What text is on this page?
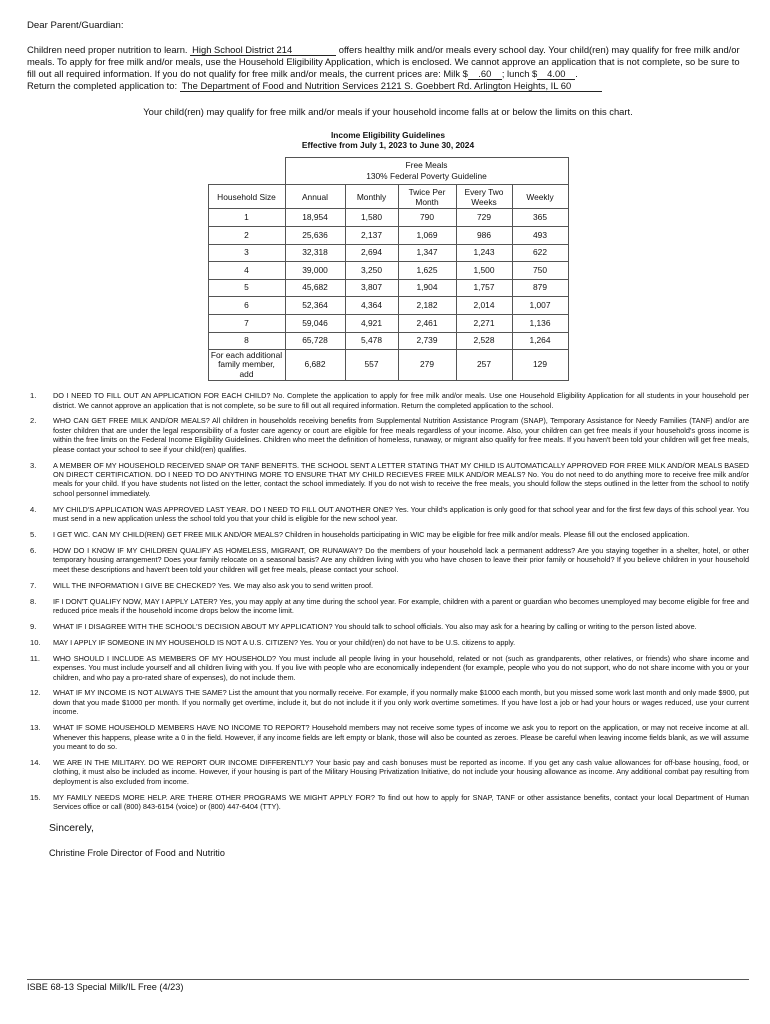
Dear Parent/Guardian:

Children need proper nutrition to learn. High School District 214	offers healthy milk and/or meals every school day. Your child(ren) may qualify for free milk and/or meals. To apply for free milk and/or meals, use the Household Eligibility Application, which is enclosed. We cannot approve an application that is not complete, so be sure to fill out all required information. If you do not qualify for free milk and/or meals, the current prices are: Milk $ .60 ; lunch $ 4.00 .
Return the completed application to: The Department of Food and Nutrition Services 2121 S. Goebbert Rd. Arlington Heights, IL 60

Your child(ren) may qualify for free milk and/or meals if your household income falls at or below the limits on this chart.
Income Eligibility Guidelines
Effective from July 1, 2023 to June 30, 2024

	Free Meals
130% Federal Poverty Guideline				

Household Size	Annual	Monthly	Twice Per Month	Every Two Weeks	Weekly
1	18,954	1,580	790	729	365
2	25,636	2,137	1,069	986	493
3	32,318	2,694	1,347	1,243	622
4	39,000	3,250	1,625	1,500	750
5	45,682	3,807	1,904	1,757	879
6	52,364	4,364	2,182	2,014	1,007
7	59,046	4,921	2,461	2,271	1,136
8	65,728	5,478	2,739	2,528	1,264
For each additional family member, add	6,682	557	279	257	129
1. DO I NEED TO FILL OUT AN APPLICATION FOR EACH CHILD? No. Complete the application to apply for free milk and/or meals. Use one Household Eligibility Application for all students in your household per district. We cannot approve an application that is not complete, so be sure to fill out all required information. Return the completed application to the school.
2. WHO CAN GET FREE MILK AND/OR MEALS? All children in households receiving benefits from Supplemental Nutrition Assistance Program (SNAP), Temporary Assistance for Needy Families (TANF) and/or are foster children that are under the legal responsibility of a foster care agency or court are eligible for free meals regardless of your income. Also, your children can get free meals if your household's gross income is within the free limits on the Federal Income Eligibility Guidelines. Children who meet the definition of homeless, runaway, or migrant also qualify for free meals. If you haven't been told your children will get free meals, please contact your school to see if your child(ren) qualifies.
3. A MEMBER OF MY HOUSEHOLD RECEIVED SNAP OR TANF BENEFITS. THE SCHOOL SENT A LETTER STATING THAT MY CHILD IS AUTOMATICALLY APPROVED FOR FREE MILK AND/OR MEALS BASED ON DIRECT CERTIFICATION. DO I NEED TO DO ANYTHING MORE TO ENSURE THAT MY CHILD RECIEVES FREE MILK AND/OR MEALS? No. You do not need to do anything more to receive free milk and/or meals for your child. If you have students not listed on the letter, contact the school immediately. If you do not wish to receive the free meals, you should follow the steps outlined in the letter from the school to notify school personnel immediately.
4. MY CHILD'S APPLICATION WAS APPROVED LAST YEAR. DO I NEED TO FILL OUT ANOTHER ONE? Yes. Your child's application is only good for that school year and for the first few days of this school year. You must send in a new application unless the school told you that your child is eligible for the new school year.
5. I GET WIC. CAN MY CHILD(REN) GET FREE MILK AND/OR MEALS? Children in households participating in WIC may be eligible for free milk and/or meals. Please fill out the enclosed application.
6. HOW DO I KNOW IF MY CHILDREN QUALIFY AS HOMELESS, MIGRANT, OR RUNAWAY? Do the members of your household lack a permanent address? Are you staying together in a shelter, hotel, or other temporary housing arrangement? Does your family relocate on a seasonal basis? Are any children living with you who have chosen to leave their prior family or household? If you believe children in your household meet these descriptions and haven't been told your children will get free meals, please contact your school.
7. WILL THE INFORMATION I GIVE BE CHECKED? Yes. We may also ask you to send written proof.
8. IF I DON'T QUALIFY NOW, MAY I APPLY LATER? Yes, you may apply at any time during the school year. For example, children with a parent or guardian who becomes unemployed may become eligible for free and reduced price meals if the household income drops below the income limit.
9. WHAT IF I DISAGREE WITH THE SCHOOL'S DECISION ABOUT MY APPLICATION? You should talk to school officials. You also may ask for a hearing by calling or writing to the person listed above.
10. MAY I APPLY IF SOMEONE IN MY HOUSEHOLD IS NOT A U.S. CITIZEN? Yes. You or your child(ren) do not have to be U.S. citizens to apply.
11. WHO SHOULD I INCLUDE AS MEMBERS OF MY HOUSEHOLD? You must include all people living in your household, related or not (such as grandparents, other relatives, or friends) who share income and expenses. You must include yourself and all children living with you. If you live with people who are economically independent (for example, people who you do not support, who do not share income with you or your children, and who pay a pro-rated share of expenses), do not include them.
12. WHAT IF MY INCOME IS NOT ALWAYS THE SAME? List the amount that you normally receive. For example, if you normally make $1000 each month, but you missed some work last month and only made $900, put down that you made $1000 per month. If you normally get overtime, include it, but do not include it if you only work overtime sometimes. If you have lost a job or had your hours or wages reduced, use your current income.
13. WHAT IF SOME HOUSEHOLD MEMBERS HAVE NO INCOME TO REPORT? Household members may not receive some types of income we ask you to report on the application, or may not receive income at all. Whenever this happens, please write a 0 in the field. However, if any income fields are left empty or blank, those will also be counted as zeroes. Please be careful when leaving income fields blank, as we will assume you meant to do so.
14. WE ARE IN THE MILITARY. DO WE REPORT OUR INCOME DIFFERENTLY? Your basic pay and cash bonuses must be reported as income. If you get any cash value allowances for off-base housing, food, or clothing, it must also be included as income. However, if your housing is part of the Military Housing Privatization Initiative, do not include your housing allowance as income. Any additional combat pay resulting from deployment is also excluded from income.
15. MY FAMILY NEEDS MORE HELP. ARE THERE OTHER PROGRAMS WE MIGHT APPLY FOR? To find out how to apply for SNAP, TANF or other assistance benefits, contact your local Department of Human Services office or call (800) 843-6154 (voice) or (800) 447-6404 (TTY).
Sincerely,
Christine Frole Director of Food and Nutritio
ISBE 68-13 Special Milk/IL Free (4/23)
